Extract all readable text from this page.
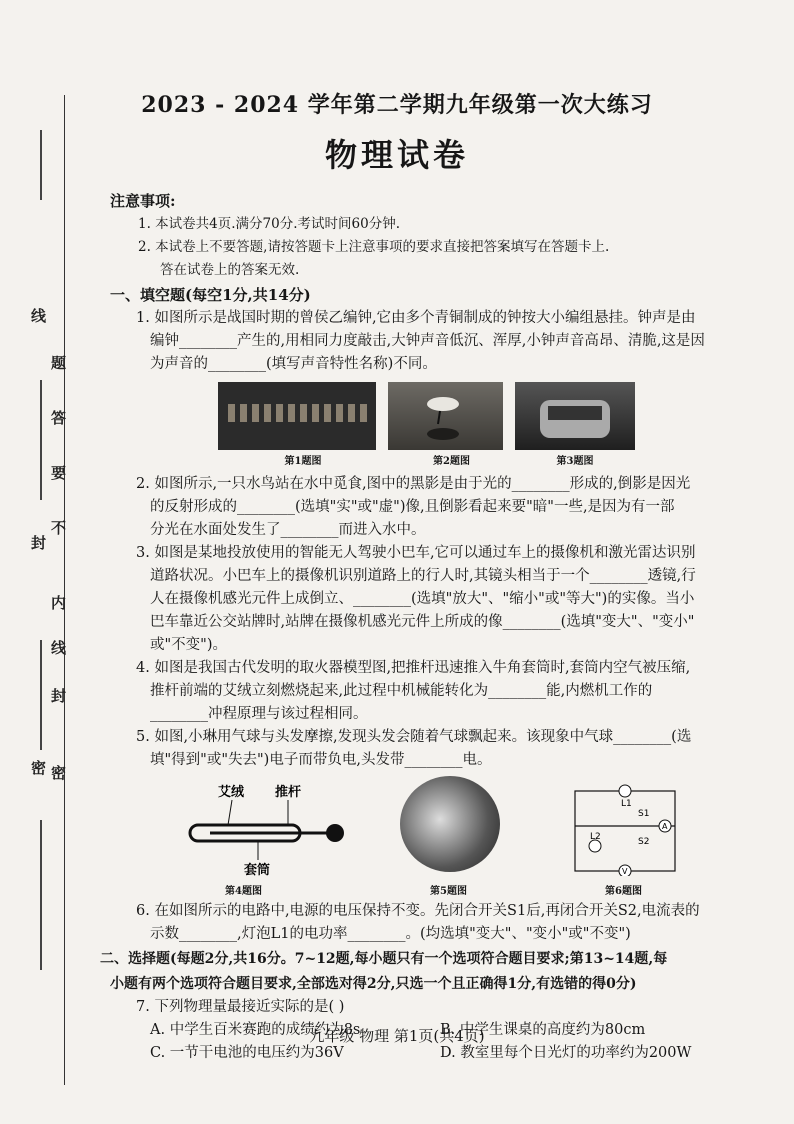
线
题
答
要
不
内
封
线
封
密
密
2023 - 2024 学年第二学期九年级第一次大练习
物理试卷
注意事项:
1. 本试卷共4页.满分70分.考试时间60分钟.
2. 本试卷上不要答题,请按答题卡上注意事项的要求直接把答案填写在答题卡上.
答在试卷上的答案无效.
一、填空题(每空1分,共14分)
1. 如图所示是战国时期的曾侯乙编钟,它由多个青铜制成的钟按大小编组悬挂。钟声是由
编钟________产生的,用相同力度敲击,大钟声音低沉、浑厚,小钟声音高昂、清脆,这是因
为声音的________(填写声音特性名称)不同。
第1题图	第2题图	第3题图
2. 如图所示,一只水鸟站在水中觅食,图中的黑影是由于光的________形成的,倒影是因光
的反射形成的________(选填"实"或"虚")像,且倒影看起来要"暗"一些,是因为有一部
分光在水面处发生了________而进入水中。
3. 如图是某地投放使用的智能无人驾驶小巴车,它可以通过车上的摄像机和激光雷达识别
道路状况。小巴车上的摄像机识别道路上的行人时,其镜头相当于一个________透镜,行
人在摄像机感光元件上成倒立、________(选填"放大"、"缩小"或"等大")的实像。当小
巴车靠近公交站牌时,站牌在摄像机感光元件上所成的像________(选填"变大"、"变小"
或"不变")。
4. 如图是我国古代发明的取火器模型图,把推杆迅速推入牛角套筒时,套筒内空气被压缩,
推杆前端的艾绒立刻燃烧起来,此过程中机械能转化为________能,内燃机工作的
________冲程原理与该过程相同。
5. 如图,小琳用气球与头发摩擦,发现头发会随着气球飘起来。该现象中气球________(选
填"得到"或"失去")电子而带负电,头发带________电。
艾绒 推杆
套筒
L1
S1
A
L2	S2
V
第4题图	第5题图	第6题图
6. 在如图所示的电路中,电源的电压保持不变。先闭合开关S1后,再闭合开关S2,电流表的
示数________,灯泡L1的电功率________。(均选填"变大"、"变小"或"不变")
二、选择题(每题2分,共16分。7~12题,每小题只有一个选项符合题目要求;第13~14题,每
小题有两个选项符合题目要求,全部选对得2分,只选一个且正确得1分,有选错的得0分)
7. 下列物理量最接近实际的是( )
A. 中学生百米赛跑的成绩约为8s	B. 中学生课桌的高度约为80cm
C. 一节干电池的电压约为36V	D. 教室里每个日光灯的功率约为200W
九年级 物理 第1页(共4页)
